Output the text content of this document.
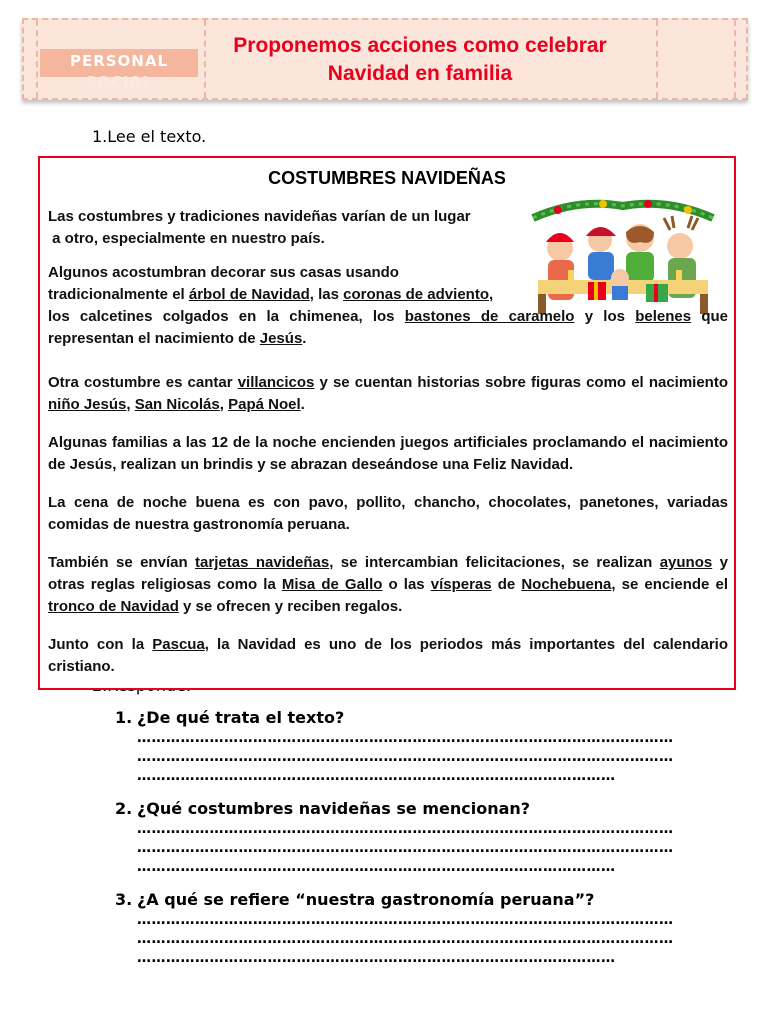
PERSONAL
SOCIAL
Proponemos acciones como celebrar
Navidad en familia
1.Lee el texto.
COSTUMBRES NAVIDEÑAS
Las costumbres y tradiciones navideñas varían de un lugar
a otro, especialmente en nuestro país.
Algunos acostumbran decorar sus casas usando
tradicionalmente el árbol de Navidad, las coronas de adviento,
los calcetines colgados en la chimenea, los bastones de caramelo y los belenes que representan el nacimiento de Jesús.
Otra costumbre es cantar villancicos y se cuentan historias sobre figuras como el nacimiento niño Jesús, San Nicolás, Papá Noel.
Algunas familias a las 12 de la noche encienden juegos artificiales proclamando el nacimiento de Jesús, realizan un brindis y se abrazan deseándose una Feliz Navidad.
La cena de noche buena es con pavo, pollito, chancho, chocolates, panetones, variadas comidas de nuestra gastronomía peruana.
También se envían tarjetas navideñas, se intercambian felicitaciones, se realizan ayunos y otras reglas religiosas como la Misa de Gallo o las vísperas de Nochebuena, se enciende el tronco de Navidad y se ofrecen y reciben regalos.
Junto con la Pascua, la Navidad es uno de los periodos más importantes del calendario cristiano.
1. ¿De qué trata el texto?
…………………………………………………………………………………………………
…………………………………………………………………………………………………
………………………………………………………………………………………
2. ¿Qué costumbres navideñas se mencionan?
…………………………………………………………………………………………………
…………………………………………………………………………………………………
………………………………………………………………………………………
3. ¿A qué se refiere “nuestra gastronomía peruana”?
…………………………………………………………………………………………………
…………………………………………………………………………………………………
………………………………………………………………………………………
